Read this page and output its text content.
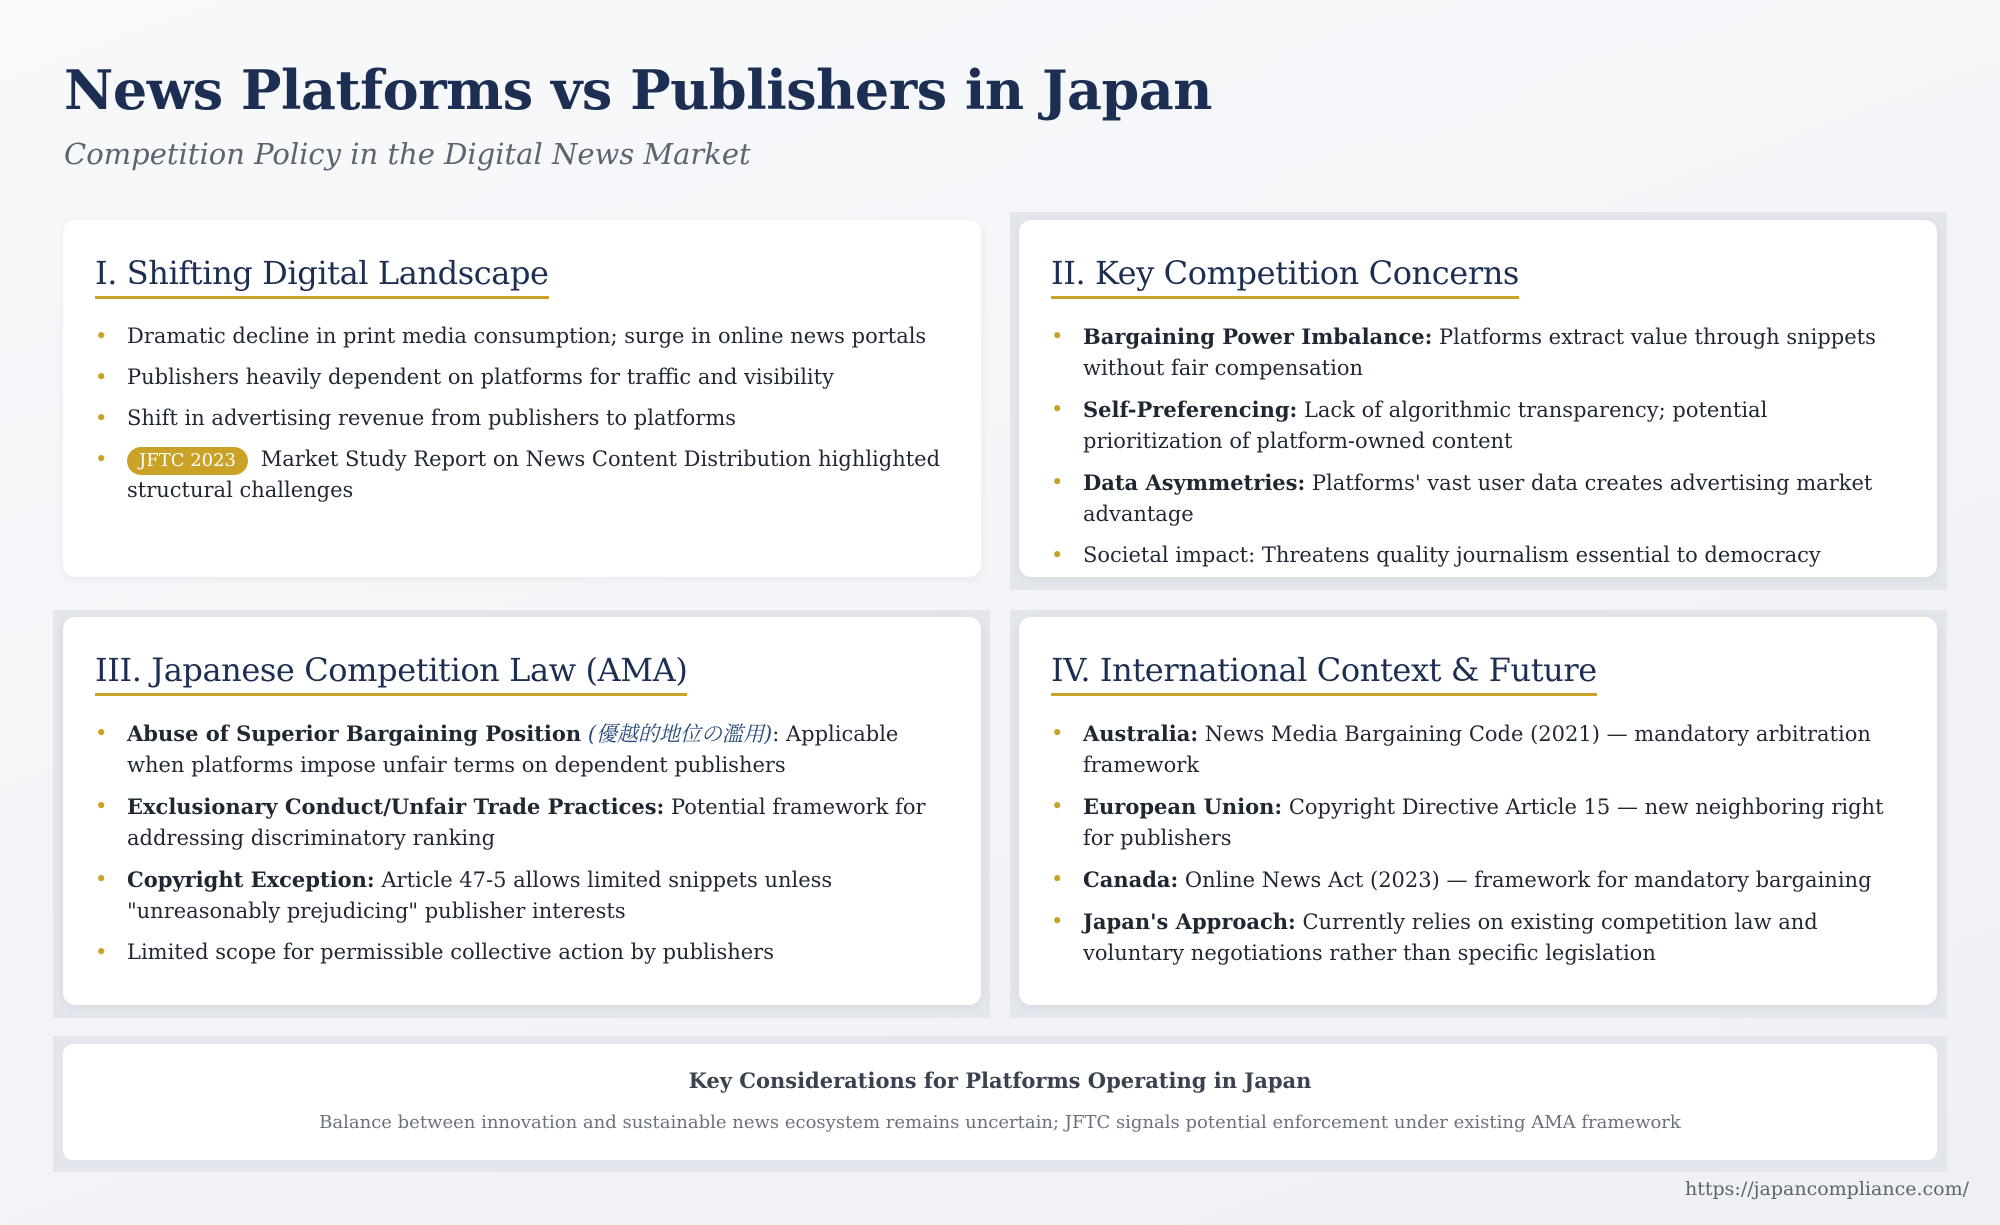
News Platforms vs Publishers in Japan
Competition Policy in the Digital News Market
I. Shifting Digital Landscape
• Dramatic decline in print media consumption; surge in online news portals
• Publishers heavily dependent on platforms for traffic and visibility
• Shift in advertising revenue from publishers to platforms
• JFTC 2023 Market Study Report on News Content Distribution highlighted structural challenges
II. Key Competition Concerns
• Bargaining Power Imbalance: Platforms extract value through snippets without fair compensation
• Self-Preferencing: Lack of algorithmic transparency; potential prioritization of platform-owned content
• Data Asymmetries: Platforms' vast user data creates advertising market advantage
• Societal impact: Threatens quality journalism essential to democracy
III. Japanese Competition Law (AMA)
• Abuse of Superior Bargaining Position (優越的地位の濫用): Applicable when platforms impose unfair terms on dependent publishers
• Exclusionary Conduct/Unfair Trade Practices: Potential framework for addressing discriminatory ranking
• Copyright Exception: Article 47-5 allows limited snippets unless "unreasonably prejudicing" publisher interests
• Limited scope for permissible collective action by publishers
IV. International Context & Future
• Australia: News Media Bargaining Code (2021) — mandatory arbitration framework
• European Union: Copyright Directive Article 15 — new neighboring right for publishers
• Canada: Online News Act (2023) — framework for mandatory bargaining
• Japan's Approach: Currently relies on existing competition law and voluntary negotiations rather than specific legislation
Key Considerations for Platforms Operating in Japan
Balance between innovation and sustainable news ecosystem remains uncertain; JFTC signals potential enforcement under existing AMA framework
https://japancompliance.com/
